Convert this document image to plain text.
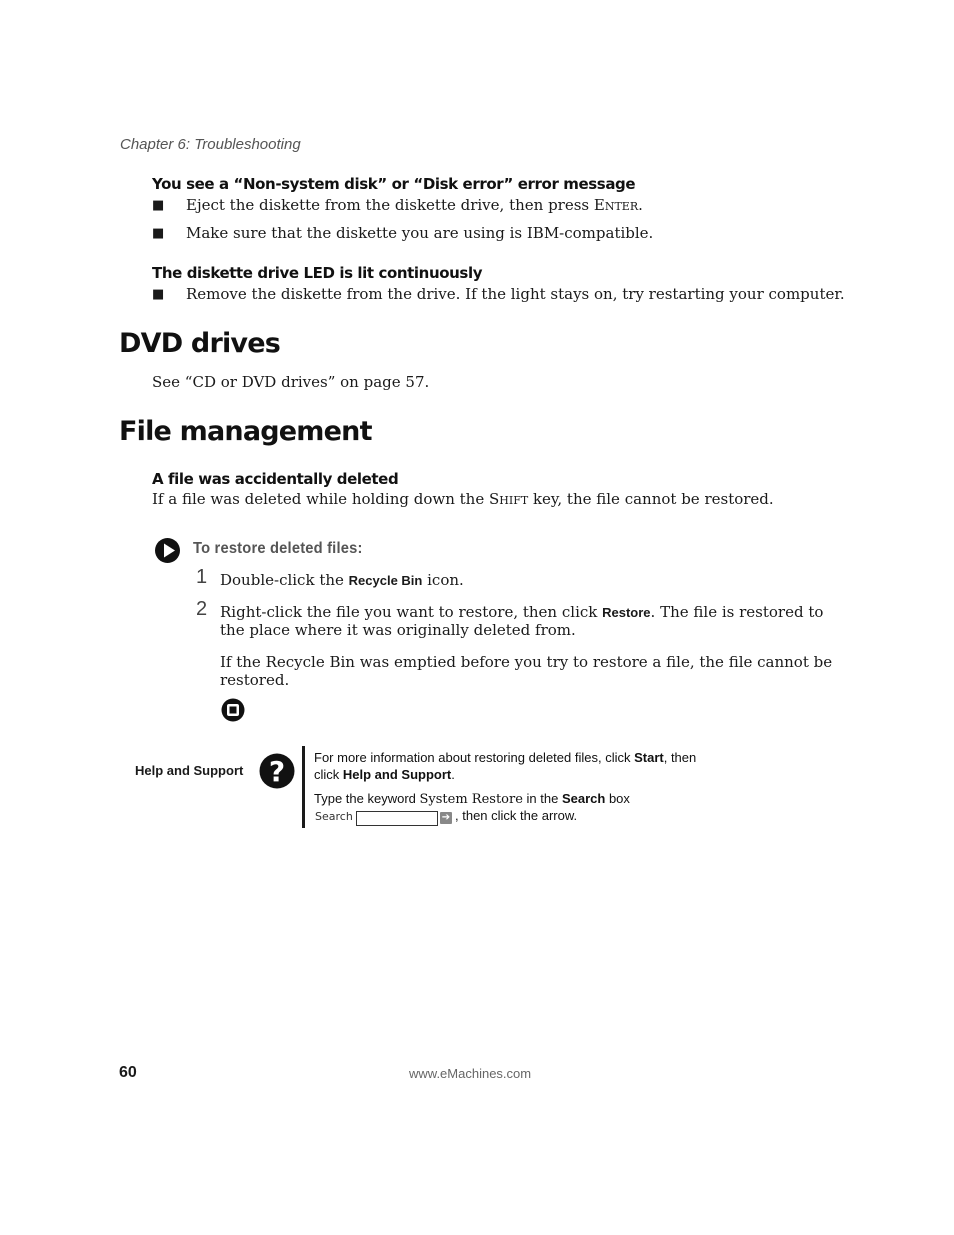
Chapter 6: Troubleshooting
You see a “Non-system disk” or “Disk error” error message
■ Eject the diskette from the diskette drive, then press Enter.
■ Make sure that the diskette you are using is IBM-compatible.
The diskette drive LED is lit continuously
■ Remove the diskette from the drive. If the light stays on, try restarting your computer.
DVD drives
See “CD or DVD drives” on page 57.
File management
A file was accidentally deleted
If a file was deleted while holding down the Shift key, the file cannot be restored.
To restore deleted files:
1 Double-click the Recycle Bin icon.
2 Right-click the file you want to restore, then click Restore. The file is restored to
the place where it was originally deleted from.
If the Recycle Bin was emptied before you try to restore a file, the file cannot be
restored.
Help and Support ? For more information about restoring deleted files, click Start, then
click Help and Support.
Type the keyword System Restore in the Search box
Search	➔ , then click the arrow.
60	www.eMachines.com
